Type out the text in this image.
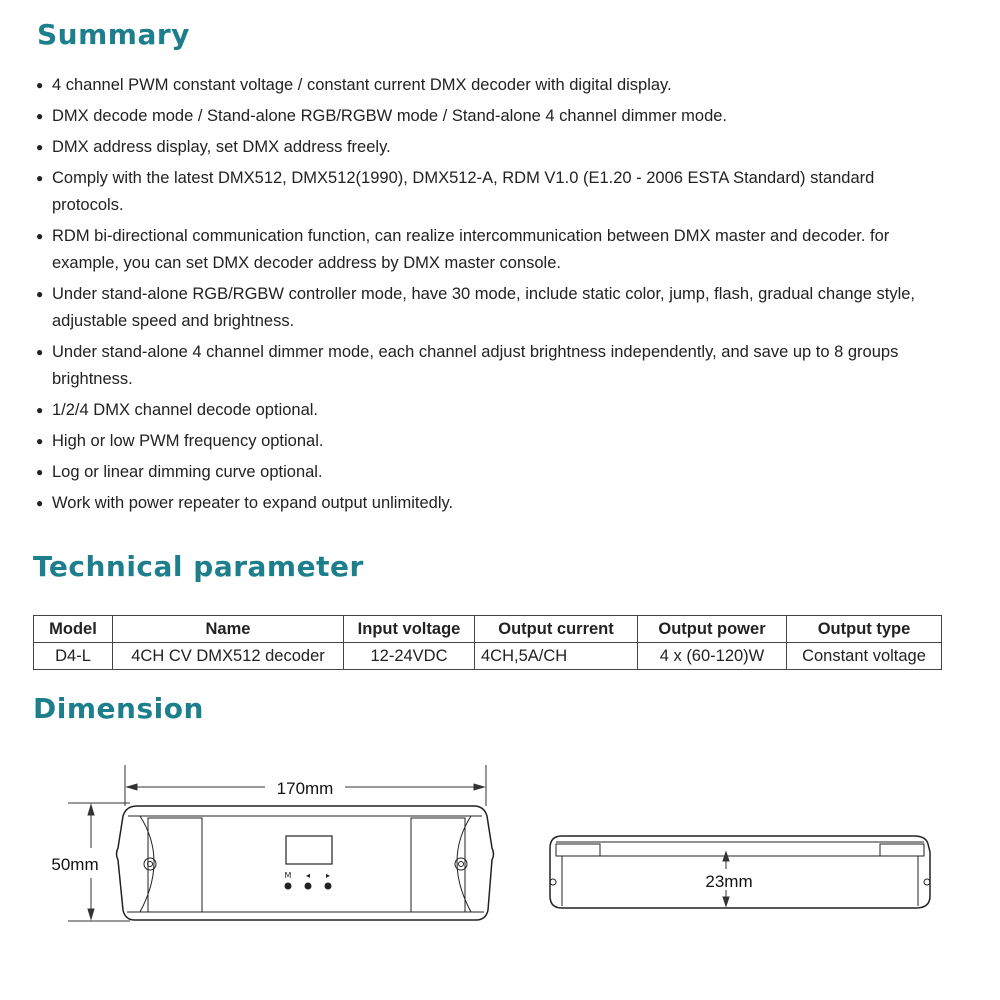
Summary
● 4 channel PWM constant voltage / constant current DMX decoder with digital display.
● DMX decode mode / Stand-alone RGB/RGBW mode / Stand-alone 4 channel dimmer mode.
● DMX address display, set DMX address freely.
● Comply with the latest DMX512, DMX512(1990), DMX512-A, RDM V1.0 (E1.20 - 2006 ESTA Standard) standard protocols.
● RDM bi-directional communication function, can realize intercommunication between DMX master and decoder. for example, you can set DMX decoder address by DMX master console.
● Under stand-alone RGB/RGBW controller mode, have 30 mode, include static color, jump, flash, gradual change style, adjustable speed and brightness.
● Under stand-alone 4 channel dimmer mode, each channel adjust brightness independently, and save up to 8 groups brightness.
● 1/2/4 DMX channel decode optional.
● High or low PWM frequency optional.
● Log or linear dimming curve optional.
● Work with power repeater to expand output unlimitedly.
Technical parameter
Model	Name	Input voltage	Output current	Output power	Output type
D4-L	4CH CV DMX512 decoder	12-24VDC	4CH,5A/CH	4 x (60-120)W	Constant voltage
Dimension
170mm
50mm
M ◂ ▸	23mm
